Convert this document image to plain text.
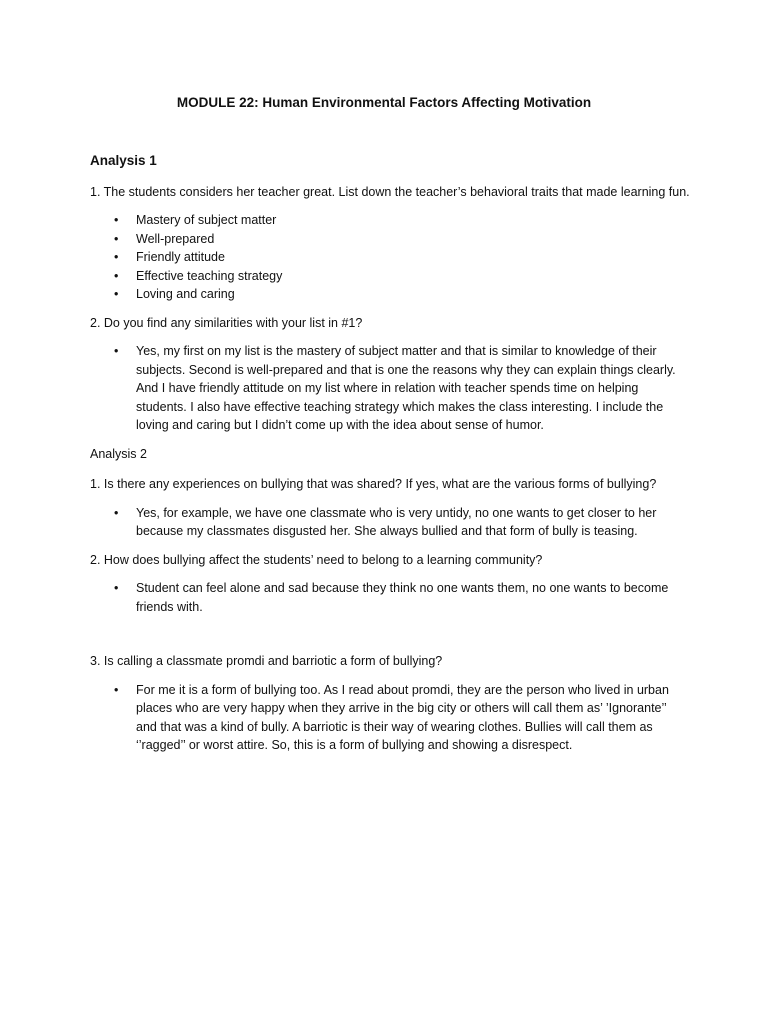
MODULE 22: Human Environmental Factors Affecting Motivation
Analysis 1
1. The students considers her teacher great. List down the teacher’s behavioral traits that made learning fun.
• Mastery of subject matter
• Well-prepared
• Friendly attitude
• Effective teaching strategy
• Loving and caring
2. Do you find any similarities with your list in #1?
• Yes, my first on my list is the mastery of subject matter and that is similar to knowledge of their subjects. Second is well-prepared and that is one the reasons why they can explain things clearly. And I have friendly attitude on my list where in relation with teacher spends time on helping students. I also have effective teaching strategy which makes the class interesting. I include the loving and caring but I didn’t come up with the idea about sense of humor.
Analysis 2
1. Is there any experiences on bullying that was shared? If yes, what are the various forms of bullying?
• Yes, for example, we have one classmate who is very untidy, no one wants to get closer to her because my classmates disgusted her. She always bullied and that form of bully is teasing.
2. How does bullying affect the students’ need to belong to a learning community?
• Student can feel alone and sad because they think no one wants them, no one wants to become friends with.
3. Is calling a classmate promdi and barriotic a form of bullying?
• For me it is a form of bullying too. As I read about promdi, they are the person who lived in urban places who are very happy when they arrive in the big city or others will call them as’ ’Ignorante’’ and that was a kind of bully. A barriotic is their way of wearing clothes. Bullies will call them as ‘’ragged’’ or worst attire. So, this is a form of bullying and showing a disrespect.
